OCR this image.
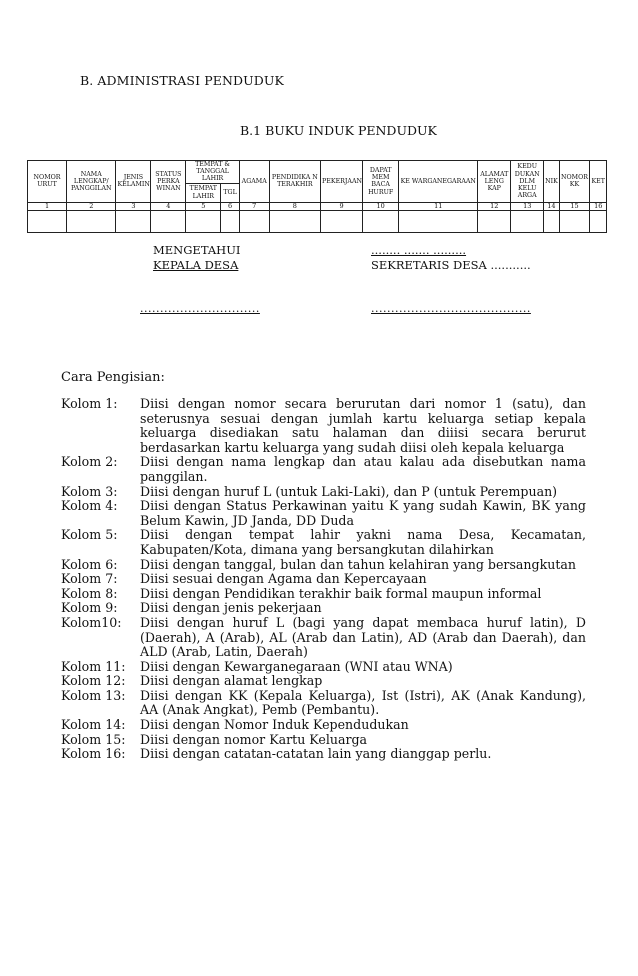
B. ADMINISTRASI PENDUDUK
B.1 BUKU INDUK PENDUDUK
NOMOR URUT	NAMA LENGKAP/ PANGGILAN	JENIS KELAMIN	STATUS PERKA WINAN	TEMPAT & TANGGAL LAHIR		AGAMA	PENDIDIKA N TERAKHIR	PEKERJAAN	DAPAT MEM BACA HURUF	KE WARGANEGARAAN	ALAMAT LENG KAP	KEDU DUKAN DLM KELU ARGA	NIK	NOMOR KK	KET
				TEMPAT LAHIR	TGL										
1	2	3	4	5	6	7	8	9	10	11	12	13	14	15	16

MENGETAHUI
KEPALA DESA
..............................
........ ....... .........
SEKRETARIS DESA ...........
........................................
Cara Pengisian:
Kolom 1:	Diisi dengan nomor secara berurutan dari nomor 1 (satu), dan seterusnya sesuai dengan jumlah kartu keluarga setiap kepala keluarga disediakan satu halaman dan diiisi secara berurut berdasarkan kartu keluarga yang sudah diisi oleh kepala keluarga
Kolom 2:	Diisi dengan nama lengkap dan atau kalau ada disebutkan nama panggilan.
Kolom 3:	Diisi dengan huruf L (untuk Laki-Laki), dan P (untuk Perempuan)
Kolom 4:	Diisi dengan Status Perkawinan yaitu K yang sudah Kawin, BK yang Belum Kawin, JD Janda, DD Duda
Kolom 5:	Diisi dengan tempat lahir yakni nama Desa, Kecamatan, Kabupaten/Kota, dimana yang bersangkutan dilahirkan
Kolom 6:	Diisi dengan tanggal, bulan dan tahun kelahiran yang bersangkutan
Kolom 7:	Diisi sesuai dengan Agama dan Kepercayaan
Kolom 8:	Diisi dengan Pendidikan terakhir baik formal maupun informal
Kolom 9:	Diisi dengan jenis pekerjaan
Kolom10:	Diisi dengan huruf L (bagi yang dapat membaca huruf latin), D (Daerah), A (Arab), AL (Arab dan Latin), AD (Arab dan Daerah), dan ALD (Arab, Latin, Daerah)
Kolom 11:	Diisi dengan Kewarganegaraan (WNI atau WNA)
Kolom 12:	Diisi dengan alamat lengkap
Kolom 13:	Diisi dengan KK (Kepala Keluarga), Ist (Istri), AK (Anak Kandung), AA (Anak Angkat), Pemb (Pembantu).
Kolom 14:	Diisi dengan Nomor Induk Kependudukan
Kolom 15:	Diisi dengan nomor Kartu Keluarga
Kolom 16:	Diisi dengan catatan-catatan lain yang dianggap perlu.
